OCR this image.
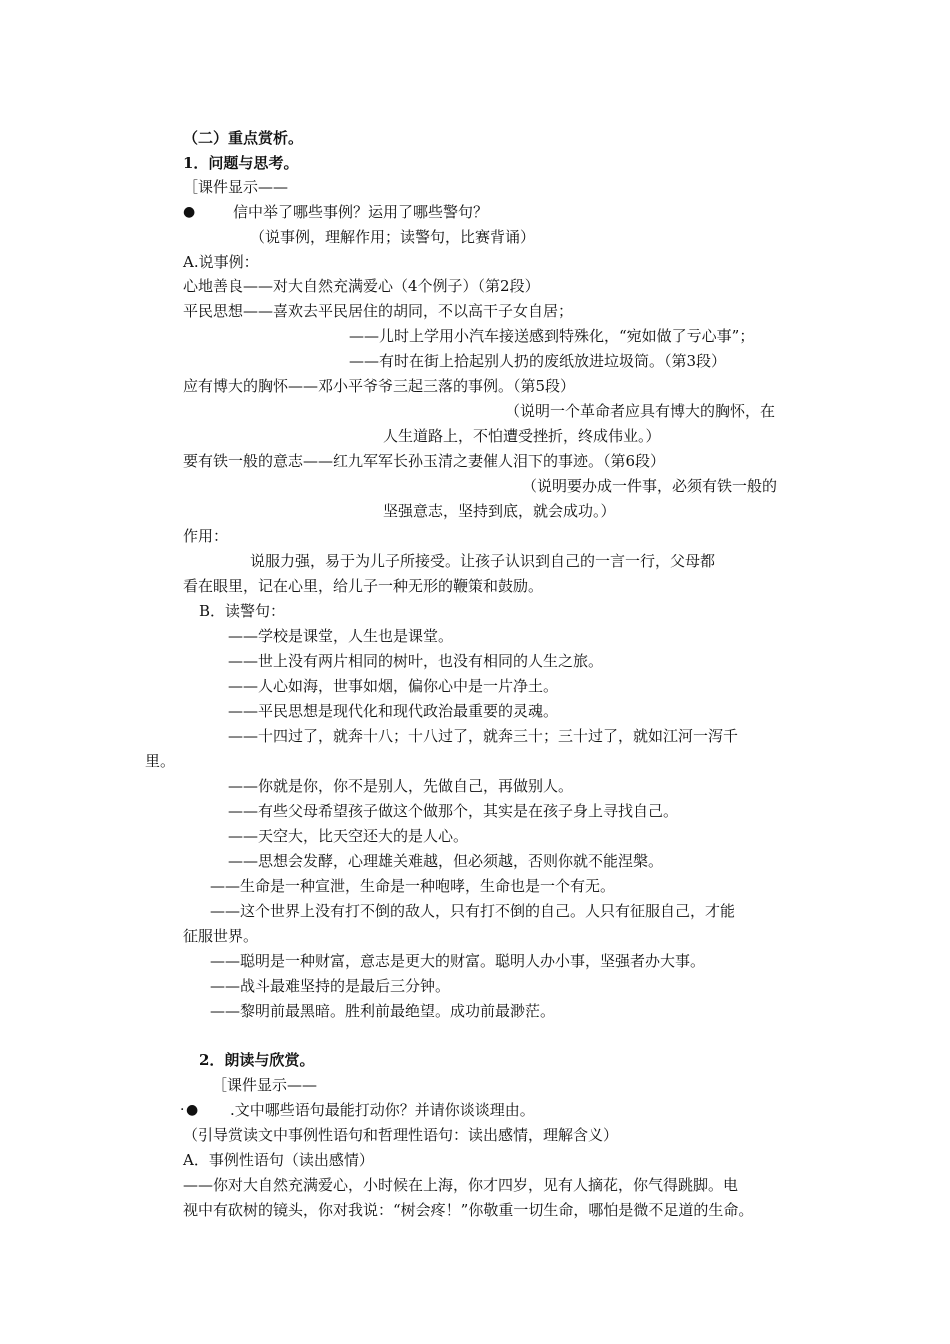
（二）重点赏析。
1．问题与思考。
［课件显示——
●	信中举了哪些事例？运用了哪些警句？
（说事例，理解作用；读警句，比赛背诵）
A.说事例：
心地善良——对大自然充满爱心（4个例子）（第2段）
平民思想——喜欢去平民居住的胡同，不以高干子女自居；
——儿时上学用小汽车接送感到特殊化，“宛如做了亏心事”；
——有时在街上拾起别人扔的废纸放进垃圾筒。（第3段）
应有博大的胸怀——邓小平爷爷三起三落的事例。（第5段）
（说明一个革命者应具有博大的胸怀，在
人生道路上，不怕遭受挫折，终成伟业。）
要有铁一般的意志——红九军军长孙玉清之妻催人泪下的事迹。（第6段）
（说明要办成一件事，必须有铁一般的
坚强意志，坚持到底，就会成功。）
作用：
说服力强，易于为儿子所接受。让孩子认识到自己的一言一行，父母都
看在眼里，记在心里，给儿子一种无形的鞭策和鼓励。
B．读警句：
——学校是课堂，人生也是课堂。
——世上没有两片相同的树叶，也没有相同的人生之旅。
——人心如海，世事如烟，偏你心中是一片净土。
——平民思想是现代化和现代政治最重要的灵魂。
——十四过了，就奔十八；十八过了，就奔三十；三十过了，就如江河一泻千
里。
——你就是你，你不是别人，先做自己，再做别人。
——有些父母希望孩子做这个做那个，其实是在孩子身上寻找自己。
——天空大，比天空还大的是人心。
——思想会发酵，心理雄关难越，但必须越，否则你就不能涅槃。
——生命是一种宣泄，生命是一种咆哮，生命也是一个有无。
——这个世界上没有打不倒的敌人，只有打不倒的自己。人只有征服自己，才能
征服世界。
——聪明是一种财富，意志是更大的财富。聪明人办小事，坚强者办大事。
——战斗最难坚持的是最后三分钟。
——黎明前最黑暗。胜利前最绝望。成功前最渺茫。
2．朗读与欣赏。
［课件显示——
· ● .文中哪些语句最能打动你？并请你谈谈理由。
（引导赏读文中事例性语句和哲理性语句：读出感情，理解含义）
A．事例性语句（读出感情）
——你对大自然充满爱心，小时候在上海，你才四岁，见有人摘花，你气得跳脚。电
视中有砍树的镜头，你对我说：“树会疼！”你敬重一切生命，哪怕是微不足道的生命。
